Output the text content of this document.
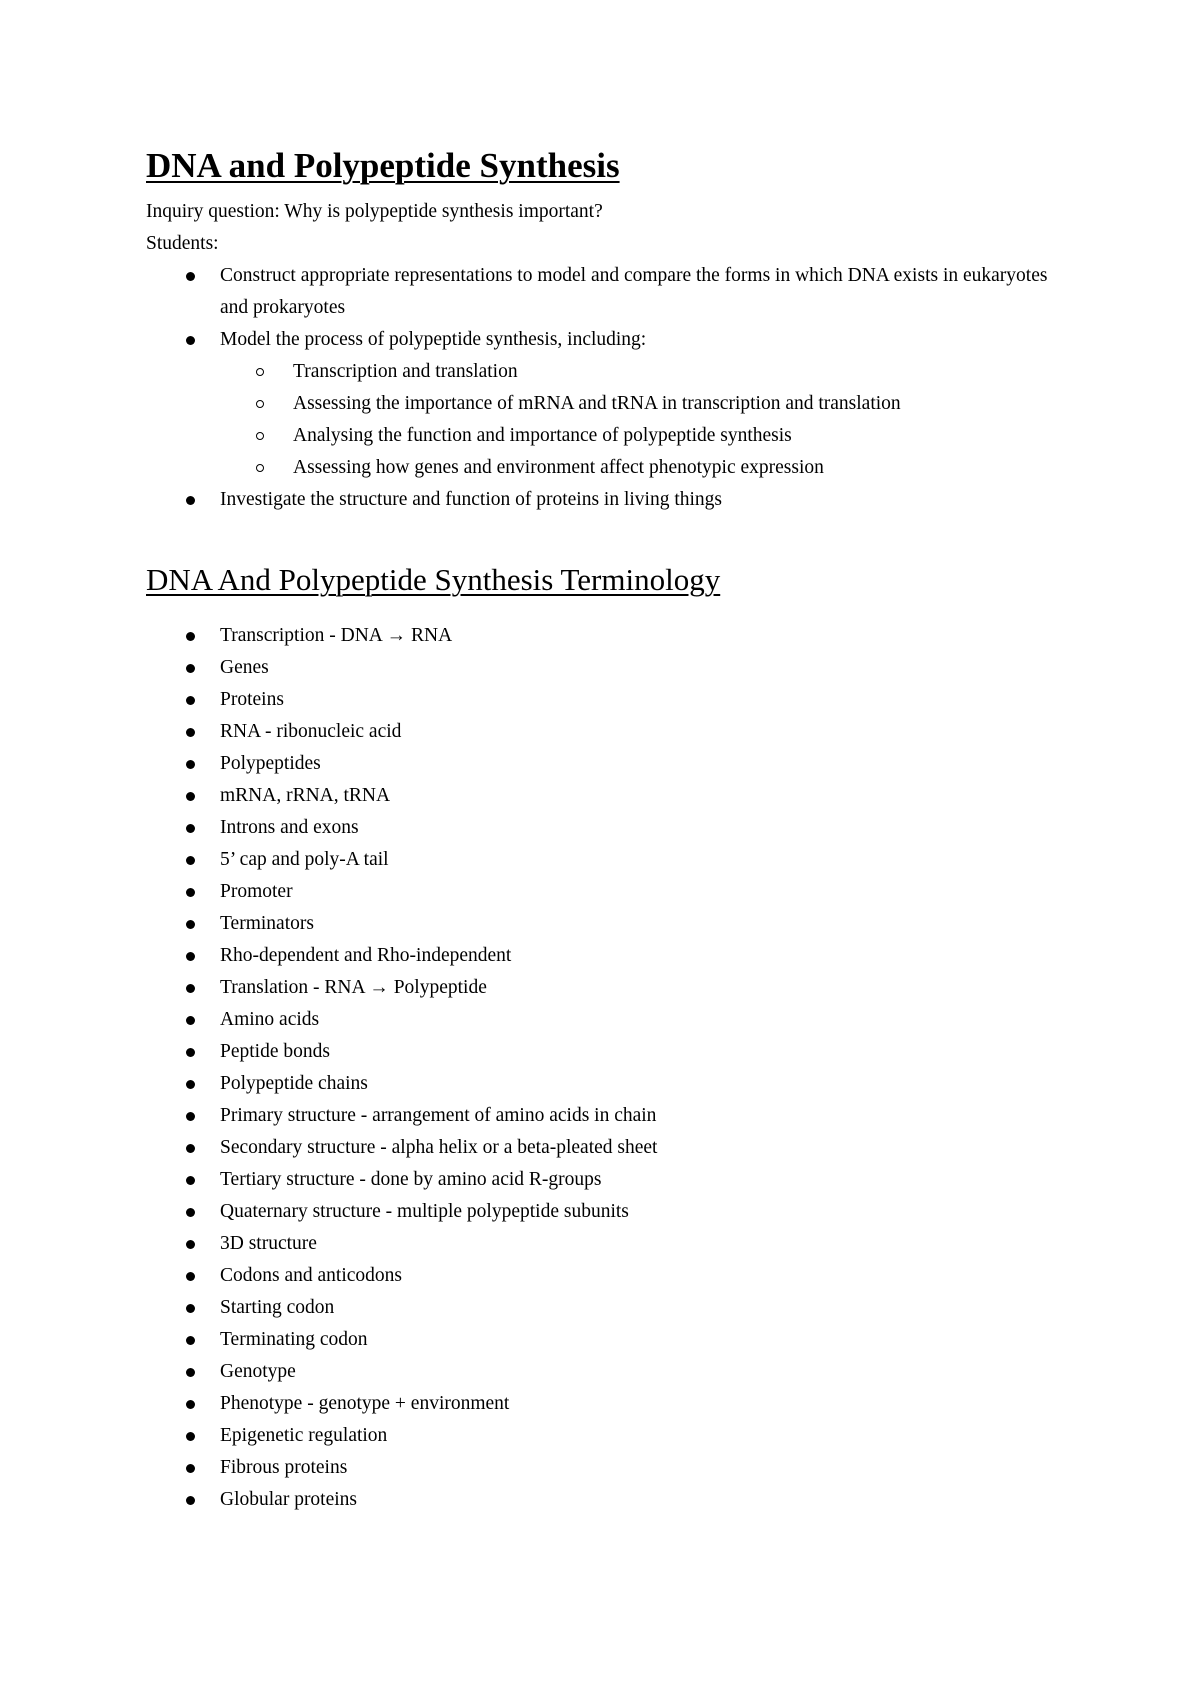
DNA and Polypeptide Synthesis

Inquiry question: Why is polypeptide synthesis important?

Students:

Construct appropriate representations to model and compare the forms in which DNA exists in eukaryotes and prokaryotes
Model the process of polypeptide synthesis, including:
Transcription and translation
Assessing the importance of mRNA and tRNA in transcription and translation
Analysing the function and importance of polypeptide synthesis
Assessing how genes and environment affect phenotypic expression
Investigate the structure and function of proteins in living things
DNA And Polypeptide Synthesis Terminology
Transcription - DNA → RNA
Genes
Proteins
RNA - ribonucleic acid
Polypeptides
mRNA, rRNA, tRNA
Introns and exons
5’ cap and poly-A tail
Promoter
Terminators
Rho-dependent and Rho-independent
Translation - RNA → Polypeptide
Amino acids
Peptide bonds
Polypeptide chains
Primary structure - arrangement of amino acids in chain
Secondary structure - alpha helix or a beta-pleated sheet
Tertiary structure - done by amino acid R-groups
Quaternary structure - multiple polypeptide subunits
3D structure
Codons and anticodons
Starting codon
Terminating codon
Genotype
Phenotype - genotype + environment
Epigenetic regulation
Fibrous proteins
Globular proteins
